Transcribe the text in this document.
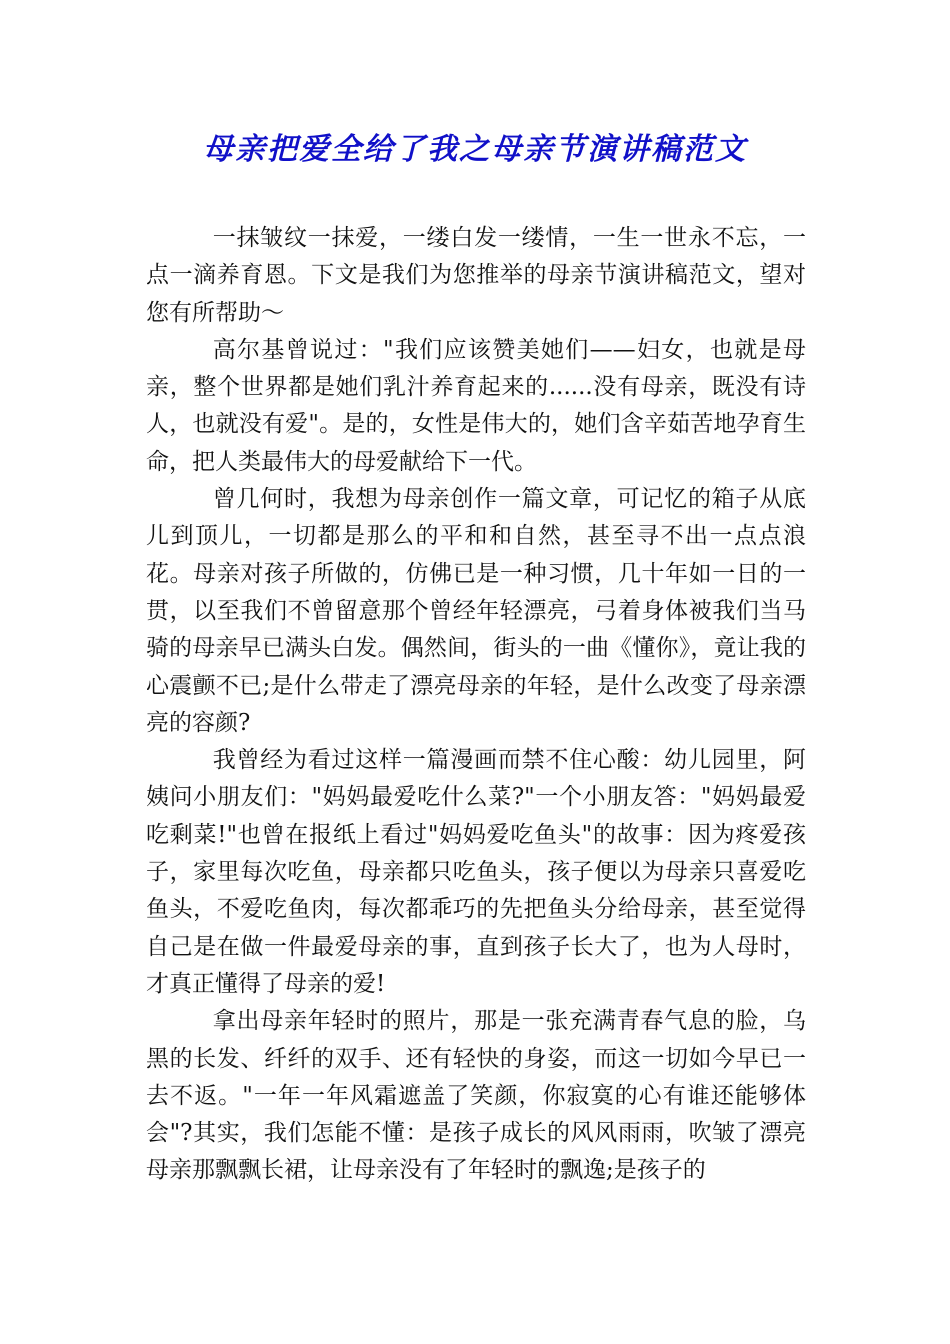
母亲把爱全给了我之母亲节演讲稿范文

一抹皱纹一抹爱，一缕白发一缕情，一生一世永不忘，一点一滴养育恩。下文是我们为您推举的母亲节演讲稿范文，望对您有所帮助～

高尔基曾说过："我们应该赞美她们——妇女，也就是母亲，整个世界都是她们乳汁养育起来的......没有母亲，既没有诗人，也就没有爱"。是的，女性是伟大的，她们含辛茹苦地孕育生命，把人类最伟大的母爱献给下一代。

曾几何时，我想为母亲创作一篇文章，可记忆的箱子从底儿到顶儿，一切都是那么的平和和自然，甚至寻不出一点点浪花。母亲对孩子所做的，仿佛已是一种习惯，几十年如一日的一贯，以至我们不曾留意那个曾经年轻漂亮，弓着身体被我们当马骑的母亲早已满头白发。偶然间，街头的一曲《懂你》，竟让我的心震颤不已;是什么带走了漂亮母亲的年轻，是什么改变了母亲漂亮的容颜?

我曾经为看过这样一篇漫画而禁不住心酸：幼儿园里，阿姨问小朋友们："妈妈最爱吃什么菜?"一个小朋友答："妈妈最爱吃剩菜!"也曾在报纸上看过"妈妈爱吃鱼头"的故事：因为疼爱孩子，家里每次吃鱼，母亲都只吃鱼头，孩子便以为母亲只喜爱吃鱼头，不爱吃鱼肉，每次都乖巧的先把鱼头分给母亲，甚至觉得自己是在做一件最爱母亲的事，直到孩子长大了，也为人母时，才真正懂得了母亲的爱!

拿出母亲年轻时的照片，那是一张充满青春气息的脸，乌黑的长发、纤纤的双手、还有轻快的身姿，而这一切如今早已一去不返。"一年一年风霜遮盖了笑颜，你寂寞的心有谁还能够体会"?其实，我们怎能不懂：是孩子成长的风风雨雨，吹皱了漂亮母亲那飘飘长裙，让母亲没有了年轻时的飘逸;是孩子的
